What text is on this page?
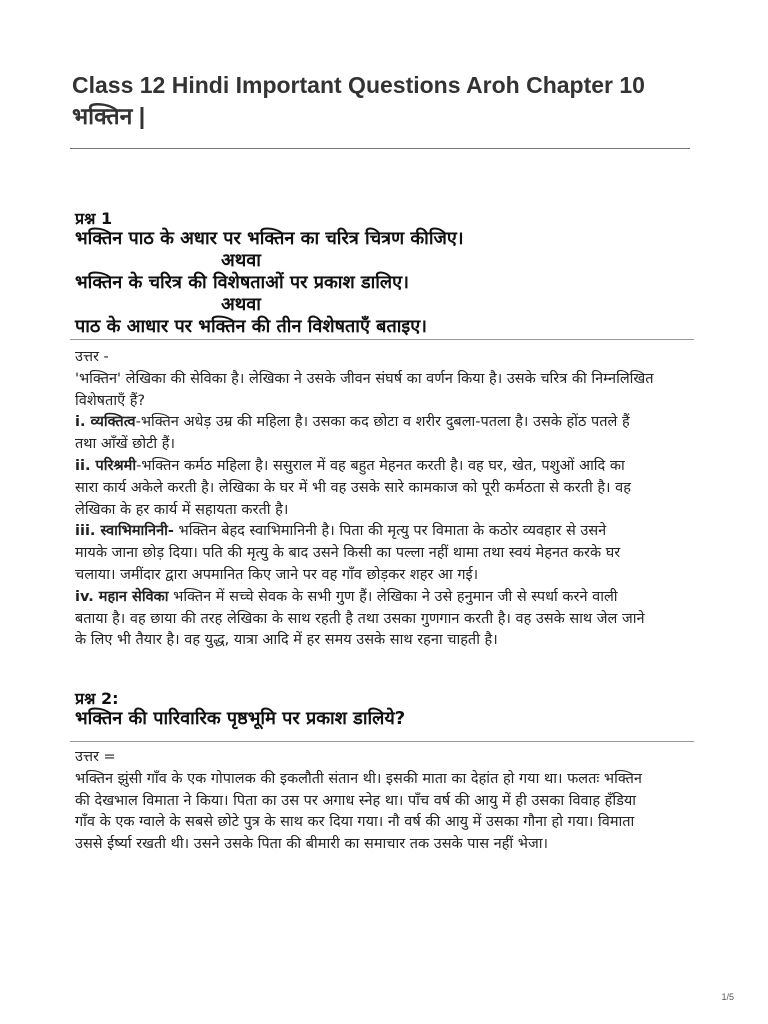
Class 12 Hindi Important Questions Aroh Chapter 10
भक्तिन |
प्रश्न 1
भक्तिन पाठ के अधार पर भक्तिन का चरित्र चित्रण कीजिए।
अथवा
भक्तिन के चरित्र की विशेषताओं पर प्रकाश डालिए।
अथवा
पाठ के आधार पर भक्तिन की तीन विशेषताएँ बताइए।
उत्तर -
'भक्तिन' लेखिका की सेविका है। लेखिका ने उसके जीवन संघर्ष का वर्णन किया है। उसके चरित्र की निम्नलिखित
विशेषताएँ हैं?
i. व्यक्तित्व-भक्तिन अधेड़ उम्र की महिला है। उसका कद छोटा व शरीर दुबला-पतला है। उसके होंठ पतले हैं
तथा आँखें छोटी हैं।
ii. परिश्रमी-भक्तिन कर्मठ महिला है। ससुराल में वह बहुत मेहनत करती है। वह घर, खेत, पशुओं आदि का
सारा कार्य अकेले करती है। लेखिका के घर में भी वह उसके सारे कामकाज को पूरी कर्मठता से करती है। वह
लेखिका के हर कार्य में सहायता करती है।
iii. स्वाभिमानिनी- भक्तिन बेहद स्वाभिमानिनी है। पिता की मृत्यु पर विमाता के कठोर व्यवहार से उसने
मायके जाना छोड़ दिया। पति की मृत्यु के बाद उसने किसी का पल्ला नहीं थामा तथा स्वयं मेहनत करके घर
चलाया। जमींदार द्वारा अपमानित किए जाने पर वह गाँव छोड़कर शहर आ गई।
iv. महान सेविका भक्तिन में सच्चे सेवक के सभी गुण हैं। लेखिका ने उसे हनुमान जी से स्पर्धा करने वाली
बताया है। वह छाया की तरह लेखिका के साथ रहती है तथा उसका गुणगान करती है। वह उसके साथ जेल जाने
के लिए भी तैयार है। वह युद्ध, यात्रा आदि में हर समय उसके साथ रहना चाहती है।
प्रश्न 2:
भक्तिन की पारिवारिक पृष्ठभूमि पर प्रकाश डालिये?
उत्तर =
भक्तिन झुंसी गाँव के एक गोपालक की इकलौती संतान थी। इसकी माता का देहांत हो गया था। फलतः भक्तिन
की देखभाल विमाता ने किया। पिता का उस पर अगाध स्नेह था। पाँच वर्ष की आयु में ही उसका विवाह हँडिया
गाँव के एक ग्वाले के सबसे छोटे पुत्र के साथ कर दिया गया। नौ वर्ष की आयु में उसका गौना हो गया। विमाता
उससे ईर्ष्या रखती थी। उसने उसके पिता की बीमारी का समाचार तक उसके पास नहीं भेजा।
1/5
